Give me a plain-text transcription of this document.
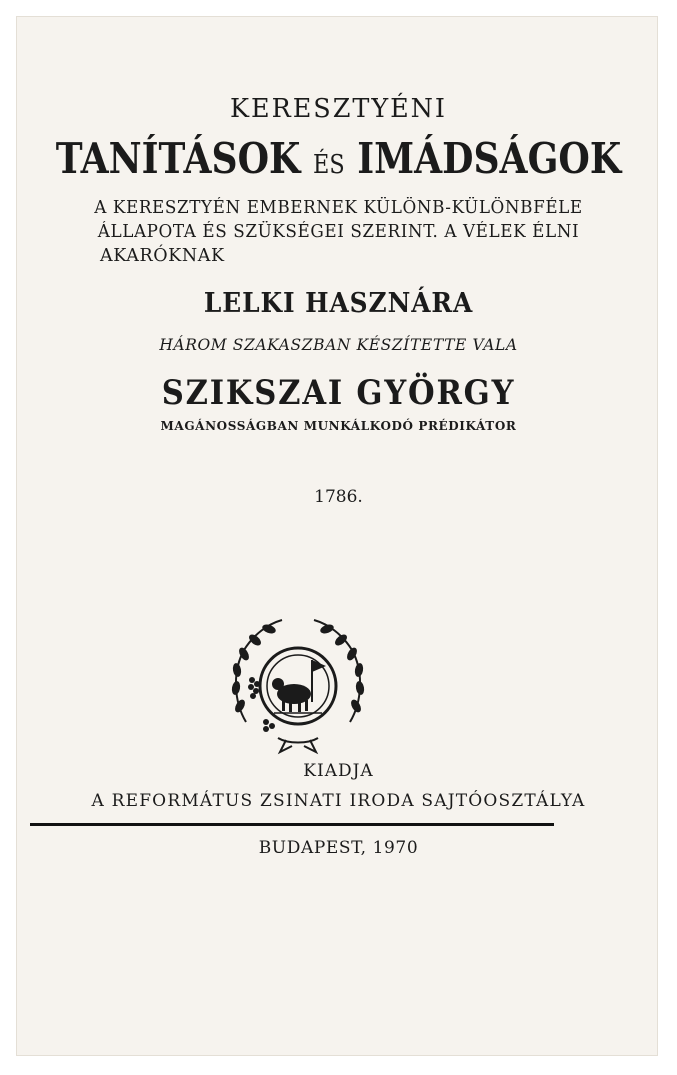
KERESZTYÉNI
TANÍTÁSOK ÉS IMÁDSÁGOK
A KERESZTYÉN EMBERNEK KÜLÖNB-KÜLÖNBFÉLE
ÁLLAPOTA ÉS SZÜKSÉGEI SZERINT. A VÉLEK ÉLNI
AKARÓKNAK
LELKI HASZNÁRA
HÁROM SZAKASZBAN KÉSZÍTETTE VALA
SZIKSZAI GYÖRGY
MAGÁNOSSÁGBAN MUNKÁLKODÓ PRÉDIKÁTOR
1786.
KIADJA
A REFORMÁTUS ZSINATI IRODA SAJTÓOSZTÁLYA
BUDAPEST, 1970
